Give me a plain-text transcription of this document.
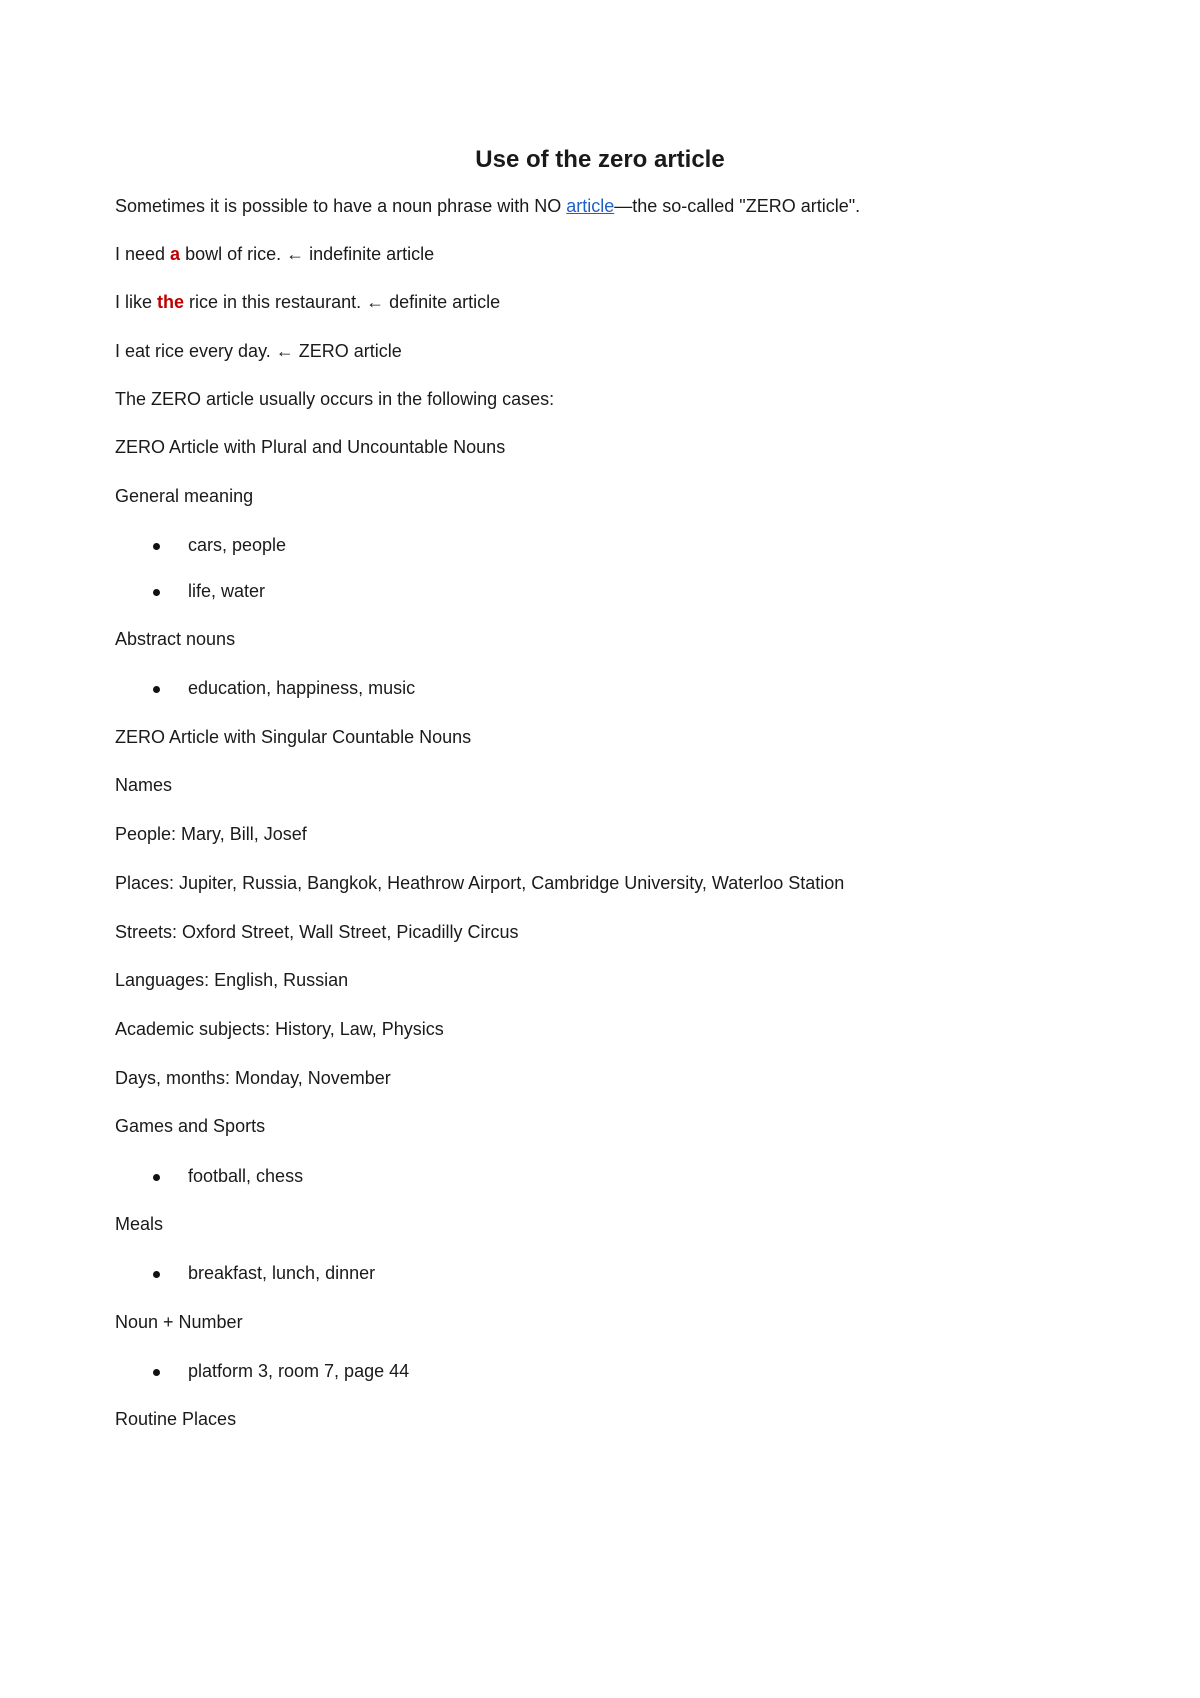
Use of the zero article
Sometimes it is possible to have a noun phrase with NO article—the so-called "ZERO article".
I need a bowl of rice. ← indefinite article
I like the rice in this restaurant. ← definite article
I eat rice every day. ← ZERO article
The ZERO article usually occurs in the following cases:
ZERO Article with Plural and Uncountable Nouns
General meaning
cars, people
life, water
Abstract nouns
education, happiness, music
ZERO Article with Singular Countable Nouns
Names
People: Mary, Bill, Josef
Places: Jupiter, Russia, Bangkok, Heathrow Airport, Cambridge University, Waterloo Station
Streets: Oxford Street, Wall Street, Picadilly Circus
Languages: English, Russian
Academic subjects: History, Law, Physics
Days, months: Monday, November
Games and Sports
football, chess
Meals
breakfast, lunch, dinner
Noun + Number
platform 3, room 7, page 44
Routine Places
